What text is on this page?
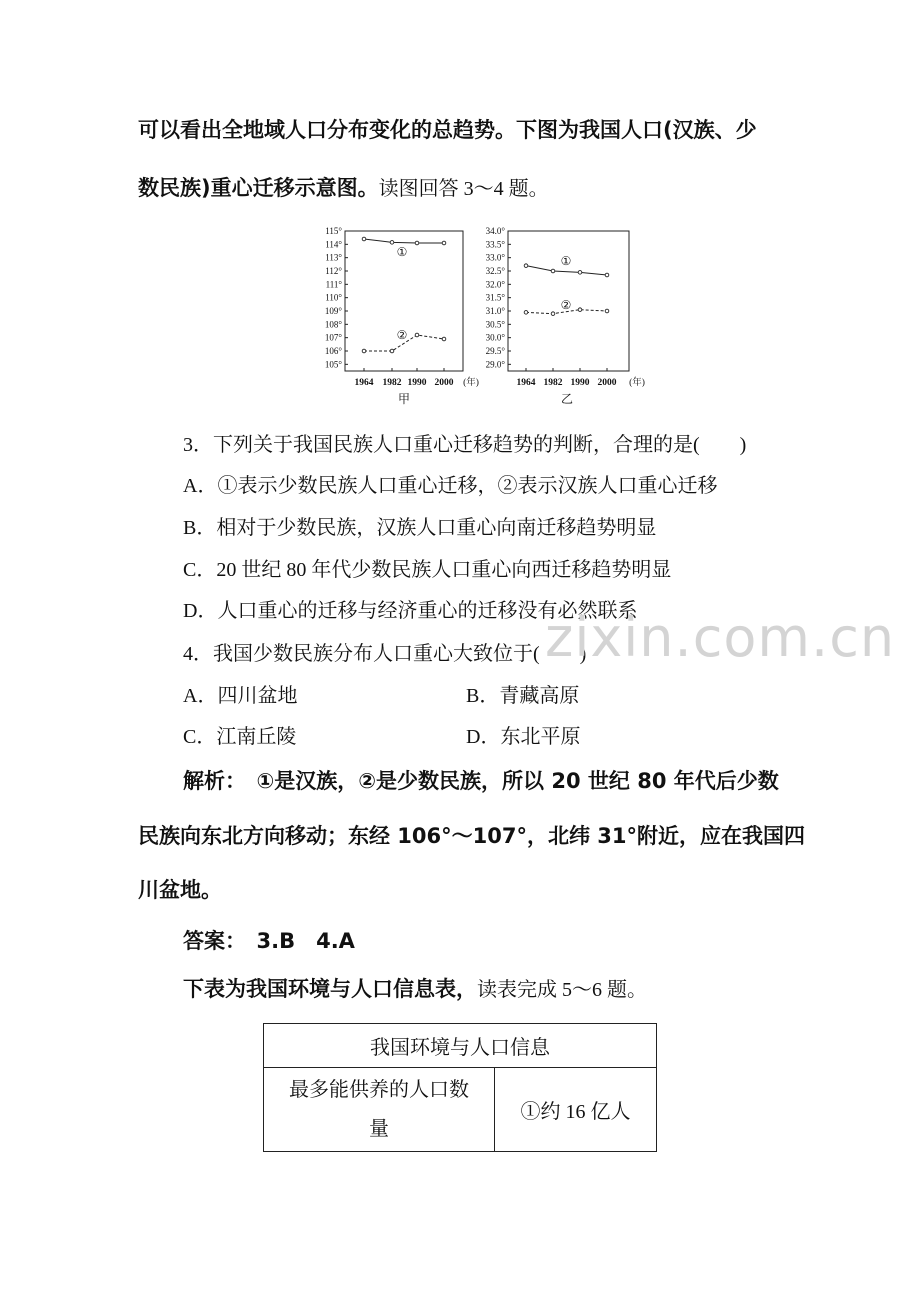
可以看出全地域人口分布变化的总趋势。下图为我国人口(汉族、少
数民族)重心迁移示意图。读图回答 3～4 题。
115°
114°
113°
112°
111°
110°
109°
108°
107°
106°
105°
1964 1982 1990 2000 (年)
甲
①
②
34.0°
33.5°
33.0°
32.5°
32.0°
31.5°
31.0°
30.5°
30.0°
29.5°
29.0°
1964 1982 1990 2000 (年)
乙
①
②
3．下列关于我国民族人口重心迁移趋势的判断，合理的是(　　)
A．①表示少数民族人口重心迁移，②表示汉族人口重心迁移
B．相对于少数民族，汉族人口重心向南迁移趋势明显
C．20 世纪 80 年代少数民族人口重心向西迁移趋势明显
D．人口重心的迁移与经济重心的迁移没有必然联系
4．我国少数民族分布人口重心大致位于(　　)
A．四川盆地	B．青藏高原
C．江南丘陵	D．东北平原
zixin.com.cn
解析：　①是汉族，②是少数民族，所以 20 世纪 80 年代后少数
民族向东北方向移动；东经 106°～107°，北纬 31°附近，应在我国四
川盆地。
答案：　3.B　4.A
下表为我国环境与人口信息表，读表完成 5～6 题。
我国环境与人口信息
最多能供养的人口数
量	①约 16 亿人
